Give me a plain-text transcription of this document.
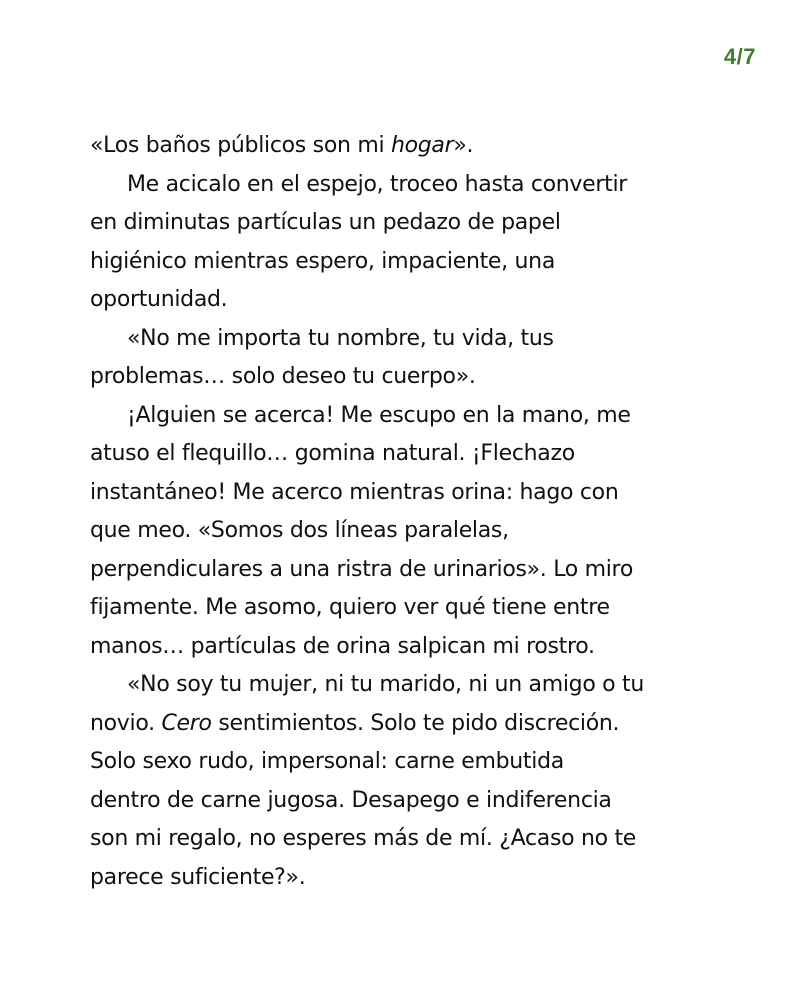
4/7
«Los baños públicos son mi hogar».
Me acicalo en el espejo, troceo hasta convertir
en diminutas partículas un pedazo de papel
higiénico mientras espero, impaciente, una
oportunidad.
«No me importa tu nombre, tu vida, tus
problemas… solo deseo tu cuerpo».
¡Alguien se acerca! Me escupo en la mano, me
atuso el flequillo… gomina natural. ¡Flechazo
instantáneo! Me acerco mientras orina: hago con
que meo. «Somos dos líneas paralelas,
perpendiculares a una ristra de urinarios». Lo miro
fijamente. Me asomo, quiero ver qué tiene entre
manos… partículas de orina salpican mi rostro.
«No soy tu mujer, ni tu marido, ni un amigo o tu
novio. Cero sentimientos. Solo te pido discreción.
Solo sexo rudo, impersonal: carne embutida
dentro de carne jugosa. Desapego e indiferencia
son mi regalo, no esperes más de mí. ¿Acaso no te
parece suficiente?».
